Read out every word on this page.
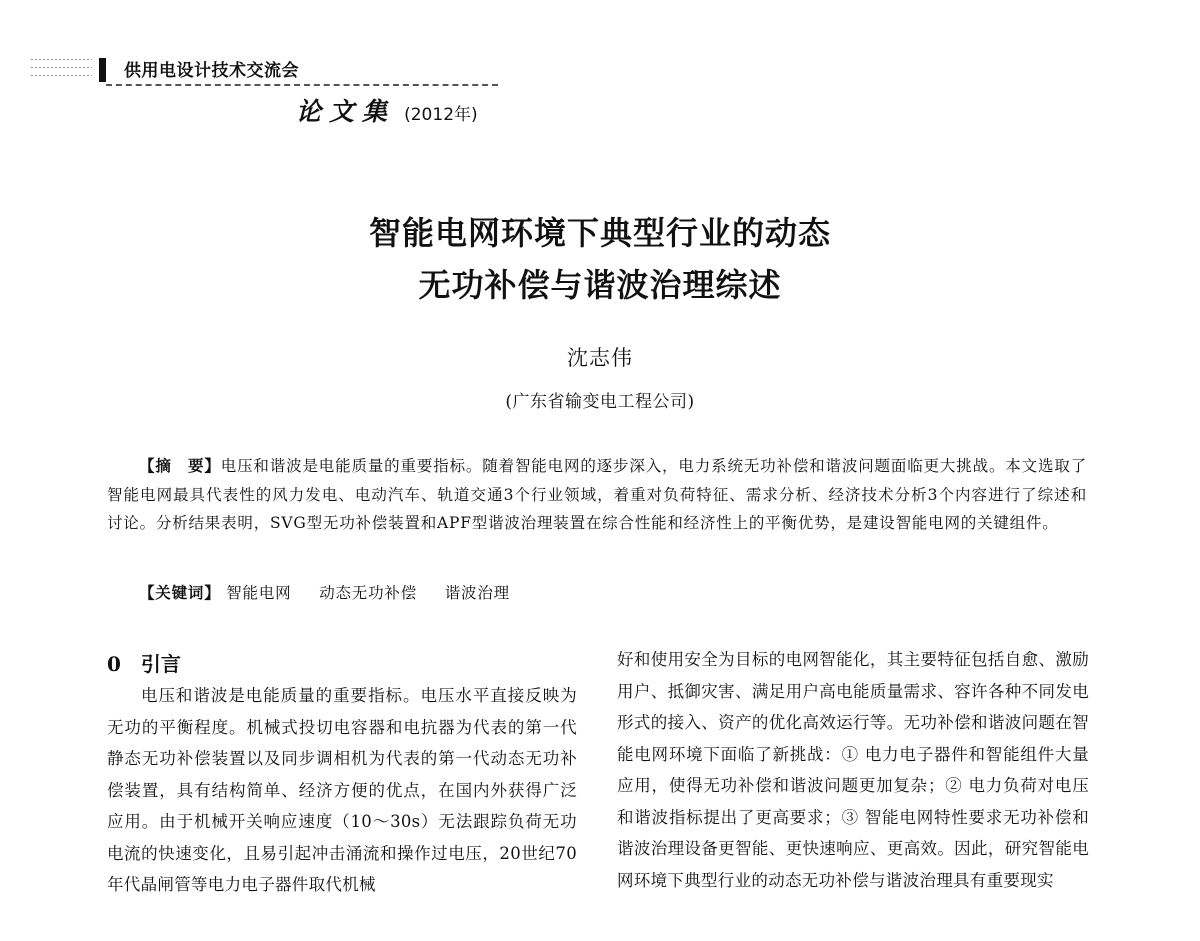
供用电设计技术交流会
论文集 (2012年)
智能电网环境下典型行业的动态
无功补偿与谐波治理综述
沈志伟
(广东省输变电工程公司)
【摘　要】电压和谐波是电能质量的重要指标。随着智能电网的逐步深入，电力系统无功补偿和谐波问题面临更大挑战。本文选取了智能电网最具代表性的风力发电、电动汽车、轨道交通3个行业领域，着重对负荷特征、需求分析、经济技术分析3个内容进行了综述和讨论。分析结果表明，SVG型无功补偿装置和APF型谐波治理装置在综合性能和经济性上的平衡优势，是建设智能电网的关键组件。
【关键词】 智能电网 动态无功补偿 谐波治理
0 引言
电压和谐波是电能质量的重要指标。电压水平直接反映为无功的平衡程度。机械式投切电容器和电抗器为代表的第一代静态无功补偿装置以及同步调相机为代表的第一代动态无功补偿装置，具有结构简单、经济方便的优点，在国内外获得广泛应用。由于机械开关响应速度（10～30s）无法跟踪负荷无功电流的快速变化，且易引起冲击涌流和操作过电压，20世纪70年代晶闸管等电力电子器件取代机械
好和使用安全为目标的电网智能化，其主要特征包括自愈、激励用户、抵御灾害、满足用户高电能质量需求、容许各种不同发电形式的接入、资产的优化高效运行等。无功补偿和谐波问题在智能电网环境下面临了新挑战：① 电力电子器件和智能组件大量应用，使得无功补偿和谐波问题更加复杂；② 电力负荷对电压和谐波指标提出了更高要求；③ 智能电网特性要求无功补偿和谐波治理设备更智能、更快速响应、更高效。因此，研究智能电网环境下典型行业的动态无功补偿与谐波治理具有重要现实
